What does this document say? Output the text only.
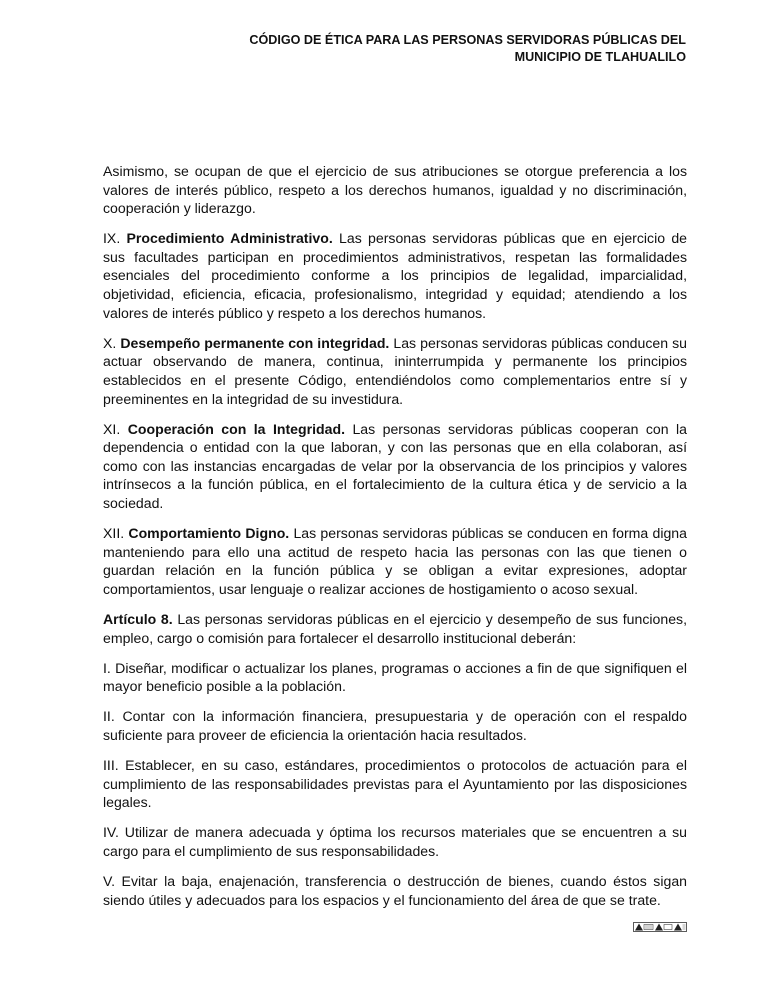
CÓDIGO DE ÉTICA PARA LAS PERSONAS SERVIDORAS PÚBLICAS DEL
MUNICIPIO DE TLAHUALILO

Asimismo, se ocupan de que el ejercicio de sus atribuciones se otorgue preferencia a los valores de interés público, respeto a los derechos humanos, igualdad y no discriminación, cooperación y liderazgo.

IX. Procedimiento Administrativo. Las personas servidoras públicas que en ejercicio de sus facultades participan en procedimientos administrativos, respetan las formalidades esenciales del procedimiento conforme a los principios de legalidad, imparcialidad, objetividad, eficiencia, eficacia, profesionalismo, integridad y equidad; atendiendo a los valores de interés público y respeto a los derechos humanos.

X. Desempeño permanente con integridad. Las personas servidoras públicas conducen su actuar observando de manera, continua, ininterrumpida y permanente los principios establecidos en el presente Código, entendiéndolos como complementarios entre sí y preeminentes en la integridad de su investidura.

XI. Cooperación con la Integridad. Las personas servidoras públicas cooperan con la dependencia o entidad con la que laboran, y con las personas que en ella colaboran, así como con las instancias encargadas de velar por la observancia de los principios y valores intrínsecos a la función pública, en el fortalecimiento de la cultura ética y de servicio a la sociedad.

XII. Comportamiento Digno. Las personas servidoras públicas se conducen en forma digna manteniendo para ello una actitud de respeto hacia las personas con las que tienen o guardan relación en la función pública y se obligan a evitar expresiones, adoptar comportamientos, usar lenguaje o realizar acciones de hostigamiento o acoso sexual.

Artículo 8. Las personas servidoras públicas en el ejercicio y desempeño de sus funciones, empleo, cargo o comisión para fortalecer el desarrollo institucional deberán:

I. Diseñar, modificar o actualizar los planes, programas o acciones a fin de que signifiquen el mayor beneficio posible a la población.

II. Contar con la información financiera, presupuestaria y de operación con el respaldo suficiente para proveer de eficiencia la orientación hacia resultados.

III. Establecer, en su caso, estándares, procedimientos o protocolos de actuación para el cumplimiento de las responsabilidades previstas para el Ayuntamiento por las disposiciones legales.

IV. Utilizar de manera adecuada y óptima los recursos materiales que se encuentren a su cargo para el cumplimiento de sus responsabilidades.

V. Evitar la baja, enajenación, transferencia o destrucción de bienes, cuando éstos sigan siendo útiles y adecuados para los espacios y el funcionamiento del área de que se trate.
